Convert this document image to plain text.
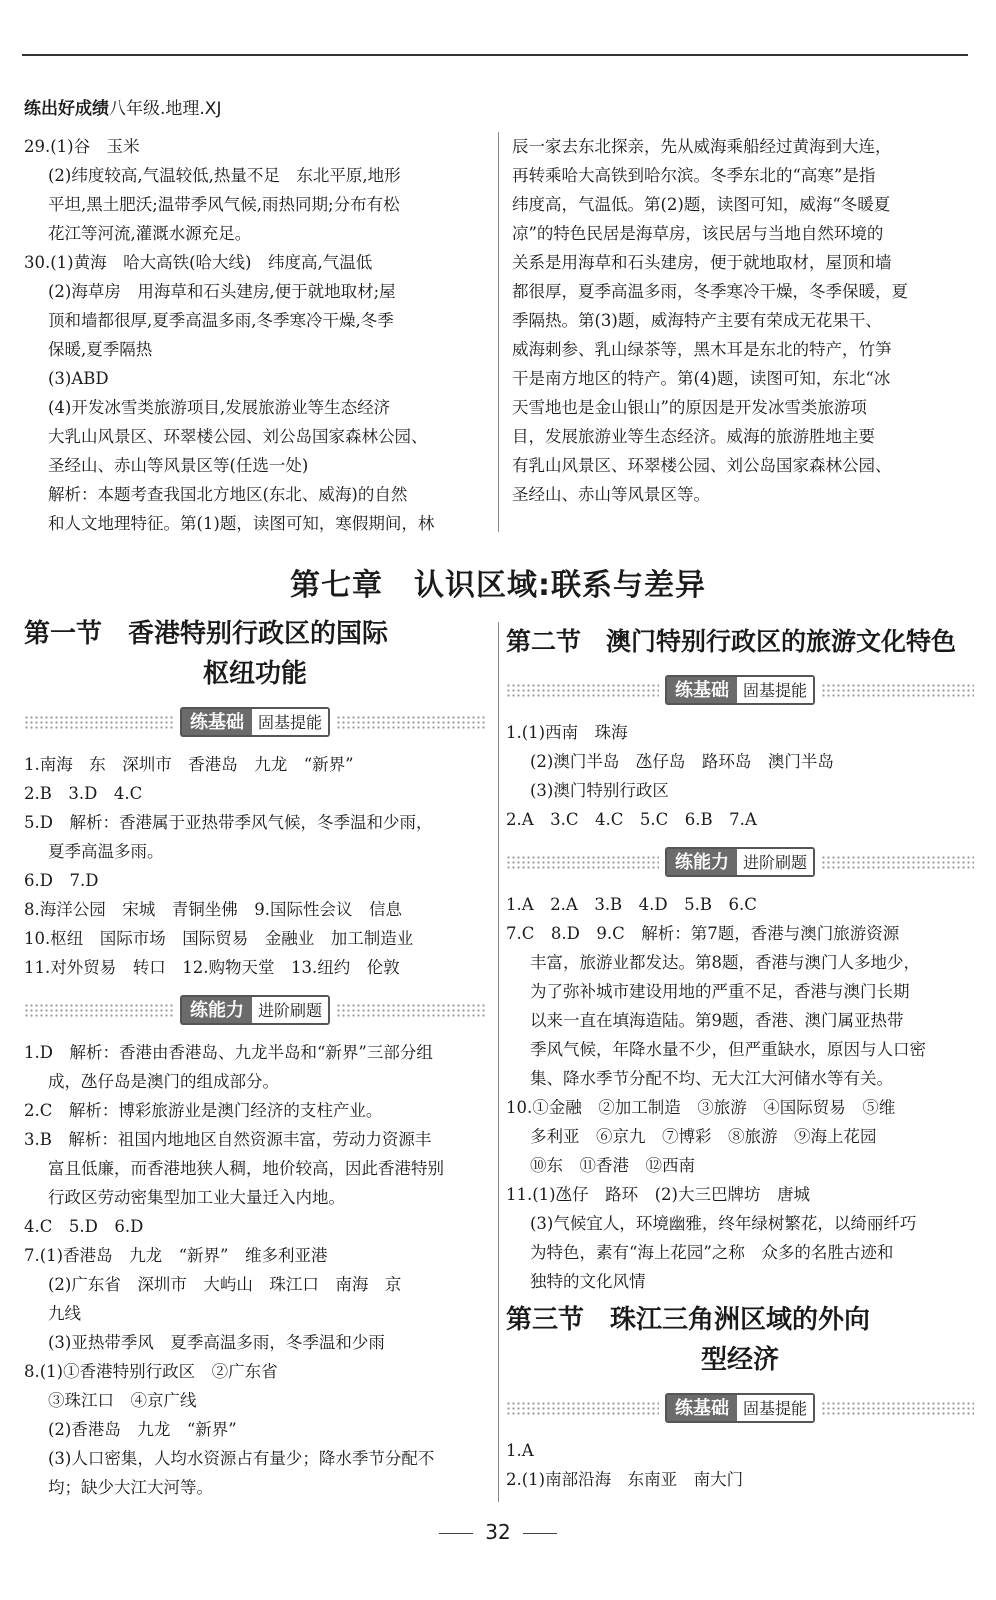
练出好成绩八年级.地理.XJ
29.(1)谷　玉米
(2)纬度较高,气温较低,热量不足　东北平原,地形
平坦,黑土肥沃;温带季风气候,雨热同期;分布有松
花江等河流,灌溉水源充足。
30.(1)黄海　哈大高铁(哈大线)　纬度高,气温低
(2)海草房　用海草和石头建房,便于就地取材;屋
顶和墙都很厚,夏季高温多雨,冬季寒冷干燥,冬季
保暖,夏季隔热
(3)ABD
(4)开发冰雪类旅游项目,发展旅游业等生态经济
大乳山风景区、环翠楼公园、刘公岛国家森林公园、
圣经山、赤山等风景区等(任选一处)
解析：本题考查我国北方地区(东北、威海)的自然
和人文地理特征。第(1)题，读图可知，寒假期间，林
辰一家去东北探亲，先从威海乘船经过黄海到大连，
再转乘哈大高铁到哈尔滨。冬季东北的“高寒”是指
纬度高，气温低。第(2)题，读图可知，威海“冬暖夏
凉”的特色民居是海草房，该民居与当地自然环境的
关系是用海草和石头建房，便于就地取材，屋顶和墙
都很厚，夏季高温多雨，冬季寒冷干燥，冬季保暖，夏
季隔热。第(3)题，威海特产主要有荣成无花果干、
威海刺参、乳山绿茶等，黑木耳是东北的特产，竹笋
干是南方地区的特产。第(4)题，读图可知，东北“冰
天雪地也是金山银山”的原因是开发冰雪类旅游项
目，发展旅游业等生态经济。威海的旅游胜地主要
有乳山风景区、环翠楼公园、刘公岛国家森林公园、
圣经山、赤山等风景区等。
第七章　认识区域:联系与差异
第一节　香港特别行政区的国际
枢纽功能
练基础 固基提能
1.南海　东　深圳市　香港岛　九龙　“新界”
2.B　3.D　4.C
5.D　解析：香港属于亚热带季风气候，冬季温和少雨，
夏季高温多雨。
6.D　7.D
8.海洋公园　宋城　青铜坐佛　9.国际性会议　信息
10.枢纽　国际市场　国际贸易　金融业　加工制造业
11.对外贸易　转口　12.购物天堂　13.纽约　伦敦
练能力 进阶刷题
1.D　解析：香港由香港岛、九龙半岛和“新界”三部分组
成，氹仔岛是澳门的组成部分。
2.C　解析：博彩旅游业是澳门经济的支柱产业。
3.B　解析：祖国内地地区自然资源丰富，劳动力资源丰
富且低廉，而香港地狭人稠，地价较高，因此香港特别
行政区劳动密集型加工业大量迁入内地。
4.C　5.D　6.D
7.(1)香港岛　九龙　“新界”　维多利亚港
(2)广东省　深圳市　大屿山　珠江口　南海　京
九线
(3)亚热带季风　夏季高温多雨，冬季温和少雨
8.(1)①香港特别行政区　②广东省
③珠江口　④京广线
(2)香港岛　九龙　“新界”
(3)人口密集，人均水资源占有量少；降水季节分配不
均；缺少大江大河等。
第二节　澳门特别行政区的旅游文化特色
练基础 固基提能
1.(1)西南　珠海
(2)澳门半岛　氹仔岛　路环岛　澳门半岛
(3)澳门特别行政区
2.A　3.C　4.C　5.C　6.B　7.A
练能力 进阶刷题
1.A　2.A　3.B　4.D　5.B　6.C
7.C　8.D　9.C　解析：第7题，香港与澳门旅游资源
丰富，旅游业都发达。第8题，香港与澳门人多地少，
为了弥补城市建设用地的严重不足，香港与澳门长期
以来一直在填海造陆。第9题，香港、澳门属亚热带
季风气候，年降水量不少，但严重缺水，原因与人口密
集、降水季节分配不均、无大江大河储水等有关。
10.①金融　②加工制造　③旅游　④国际贸易　⑤维
多利亚　⑥京九　⑦博彩　⑧旅游　⑨海上花园
⑩东　⑪香港　⑫西南
11.(1)氹仔　路环　(2)大三巴牌坊　唐城
(3)气候宜人，环境幽雅，终年绿树繁花，以绮丽纤巧
为特色，素有“海上花园”之称　众多的名胜古迹和
独特的文化风情
第三节　珠江三角洲区域的外向
型经济
练基础 固基提能
1.A
2.(1)南部沿海　东南亚　南大门
32
